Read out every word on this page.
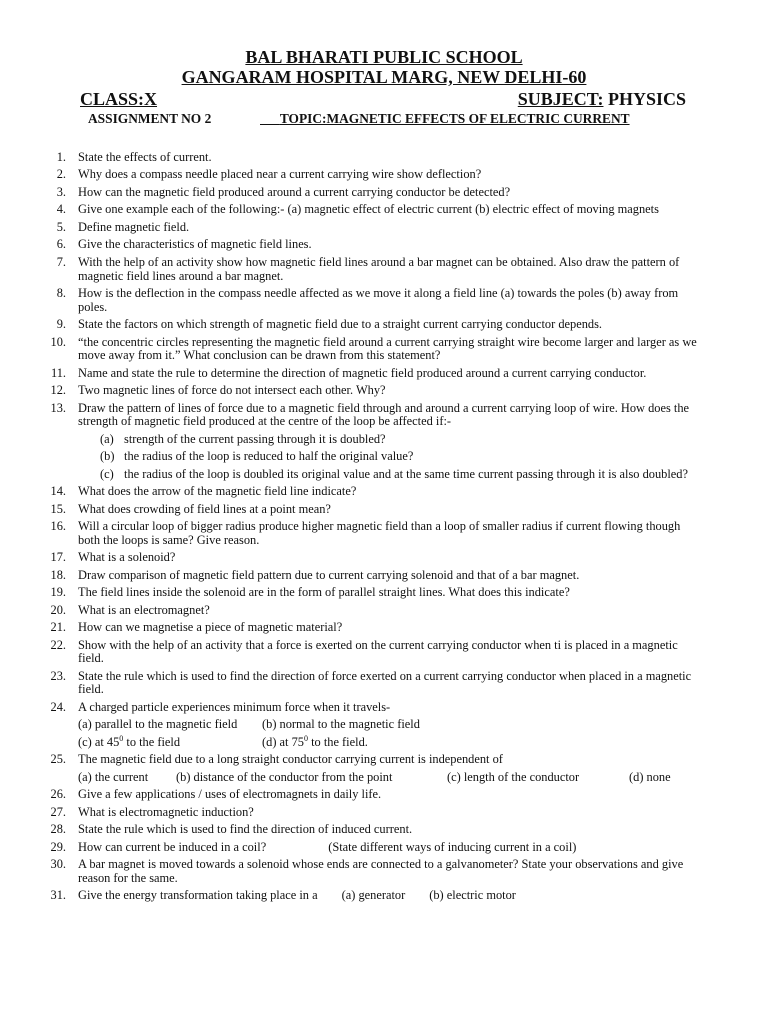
BAL BHARATI PUBLIC SCHOOL
GANGARAM HOSPITAL MARG, NEW DELHI-60
CLASS:X	SUBJECT: PHYSICS
ASSIGNMENT NO 2	TOPIC:MAGNETIC EFFECTS OF ELECTRIC CURRENT
1. State the effects of current.
2. Why does a compass needle placed near a current carrying wire show deflection?
3. How can the magnetic field produced around a current carrying conductor be detected?
4. Give one example each of the following:- (a) magnetic effect of electric current (b) electric effect of moving magnets
5. Define magnetic field.
6. Give the characteristics of magnetic field lines.
7. With the help of an activity show how magnetic field lines around a bar magnet can be obtained. Also draw the pattern of magnetic field lines around a bar magnet.
8. How is the deflection in the compass needle affected as we move it along a field line (a) towards the poles (b) away from poles.
9. State the factors on which strength of magnetic field due to a straight current carrying conductor depends.
10. “the concentric circles representing the magnetic field around a current carrying straight wire become larger and larger as we move away from it.” What conclusion can be drawn from this statement?
11. Name and state the rule to determine the direction of magnetic field produced around a current carrying conductor.
12. Two magnetic lines of force do not intersect each other. Why?
13. Draw the pattern of lines of force due to a magnetic field through and around a current carrying loop of wire. How does the strength of magnetic field produced at the centre of the loop be affected if:-
(a) strength of the current passing through it is doubled?
(b) the radius of the loop is reduced to half the original value?
(c) the radius of the loop is doubled its original value and at the same time current passing through it is also doubled?
14. What does the arrow of the magnetic field line indicate?
15. What does crowding of field lines at a point mean?
16. Will a circular loop of bigger radius produce higher magnetic field than a loop of smaller radius if current flowing though both the loops is same? Give reason.
17. What is a solenoid?
18. Draw comparison of magnetic field pattern due to current carrying solenoid and that of a bar magnet.
19. The field lines inside the solenoid are in the form of parallel straight lines. What does this indicate?
20. What is an electromagnet?
21. How can we magnetise a piece of magnetic material?
22. Show with the help of an activity that a force is exerted on the current carrying conductor when ti is placed in a magnetic field.
23. State the rule which is used to find the direction of force exerted on a current carrying conductor when placed in a magnetic field.
24. A charged particle experiences minimum force when it travels-
(a) parallel to the magnetic field (b) normal to the magnetic field
(c) at $45^0$ to the field	(d) at $75^0$ to the field.
25. The magnetic field due to a long straight conductor carrying current is independent of
(a) the current (b) distance of the conductor from the point	(c) length of the conductor	(d) none
26. Give a few applications / uses of electromagnets in daily life.
27. What is electromagnetic induction?
28. State the rule which is used to find the direction of induced current.
29. How can current be induced in a coil?	(State different ways of inducing current in a coil)
30. A bar magnet is moved towards a solenoid whose ends are connected to a galvanometer? State your observations and give reason for the same.
31. Give the energy transformation taking place in a (a) generator (b) electric motor
